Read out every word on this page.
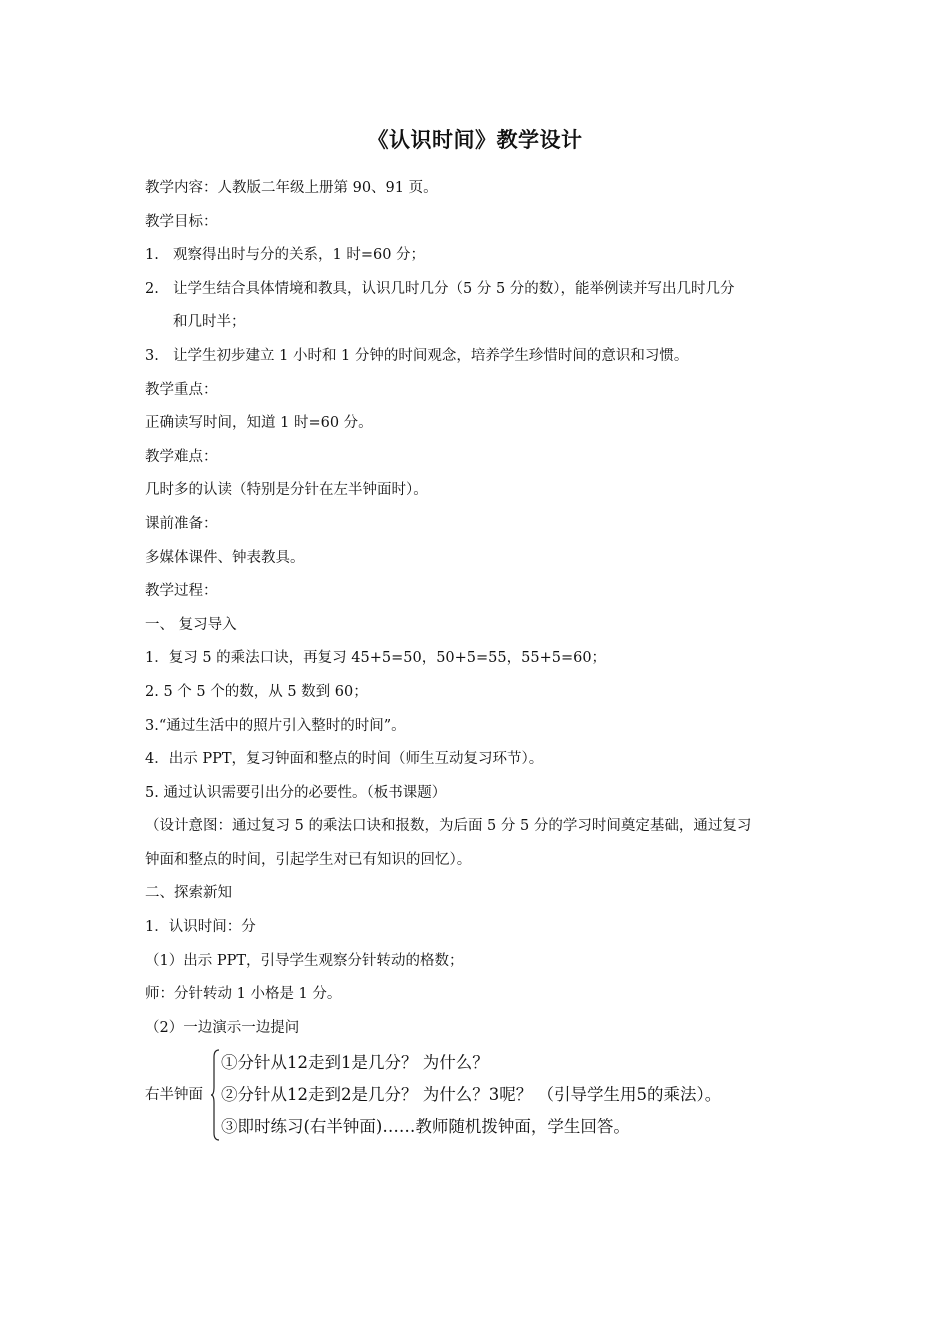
《认识时间》教学设计
教学内容：人教版二年级上册第 90、91 页。
教学目标：
1. 观察得出时与分的关系，1 时=60 分；
2. 让学生结合具体情境和教具，认识几时几分（5 分 5 分的数），能举例读并写出几时几分
和几时半；
3. 让学生初步建立 1 小时和 1 分钟的时间观念，培养学生珍惜时间的意识和习惯。
教学重点：
正确读写时间，知道 1 时=60 分。
教学难点：
几时多的认读（特别是分针在左半钟面时）。
课前准备：
多媒体课件、钟表教具。
教学过程：
一、 复习导入
1．复习 5 的乘法口诀，再复习 45+5=50，50+5=55，55+5=60；
2. 5 个 5 个的数，从 5 数到 60；
3.“通过生活中的照片引入整时的时间”。
4．出示 PPT，复习钟面和整点的时间（师生互动复习环节）。
5. 通过认识需要引出分的必要性。（板书课题）
（设计意图：通过复习 5 的乘法口诀和报数，为后面 5 分 5 分的学习时间奠定基础，通过复习
钟面和整点的时间，引起学生对已有知识的回忆）。
二、探索新知
1．认识时间：分
（1）出示 PPT，引导学生观察分针转动的格数；
师：分针转动 1 小格是 1 分。
（2）一边演示一边提问
右半钟面
①分针从12走到1是几分？ 为什么？
②分针从12走到2是几分？ 为什么？3呢？ （引导学生用5的乘法）。
③即时练习(右半钟面)……教师随机拨钟面，学生回答。
